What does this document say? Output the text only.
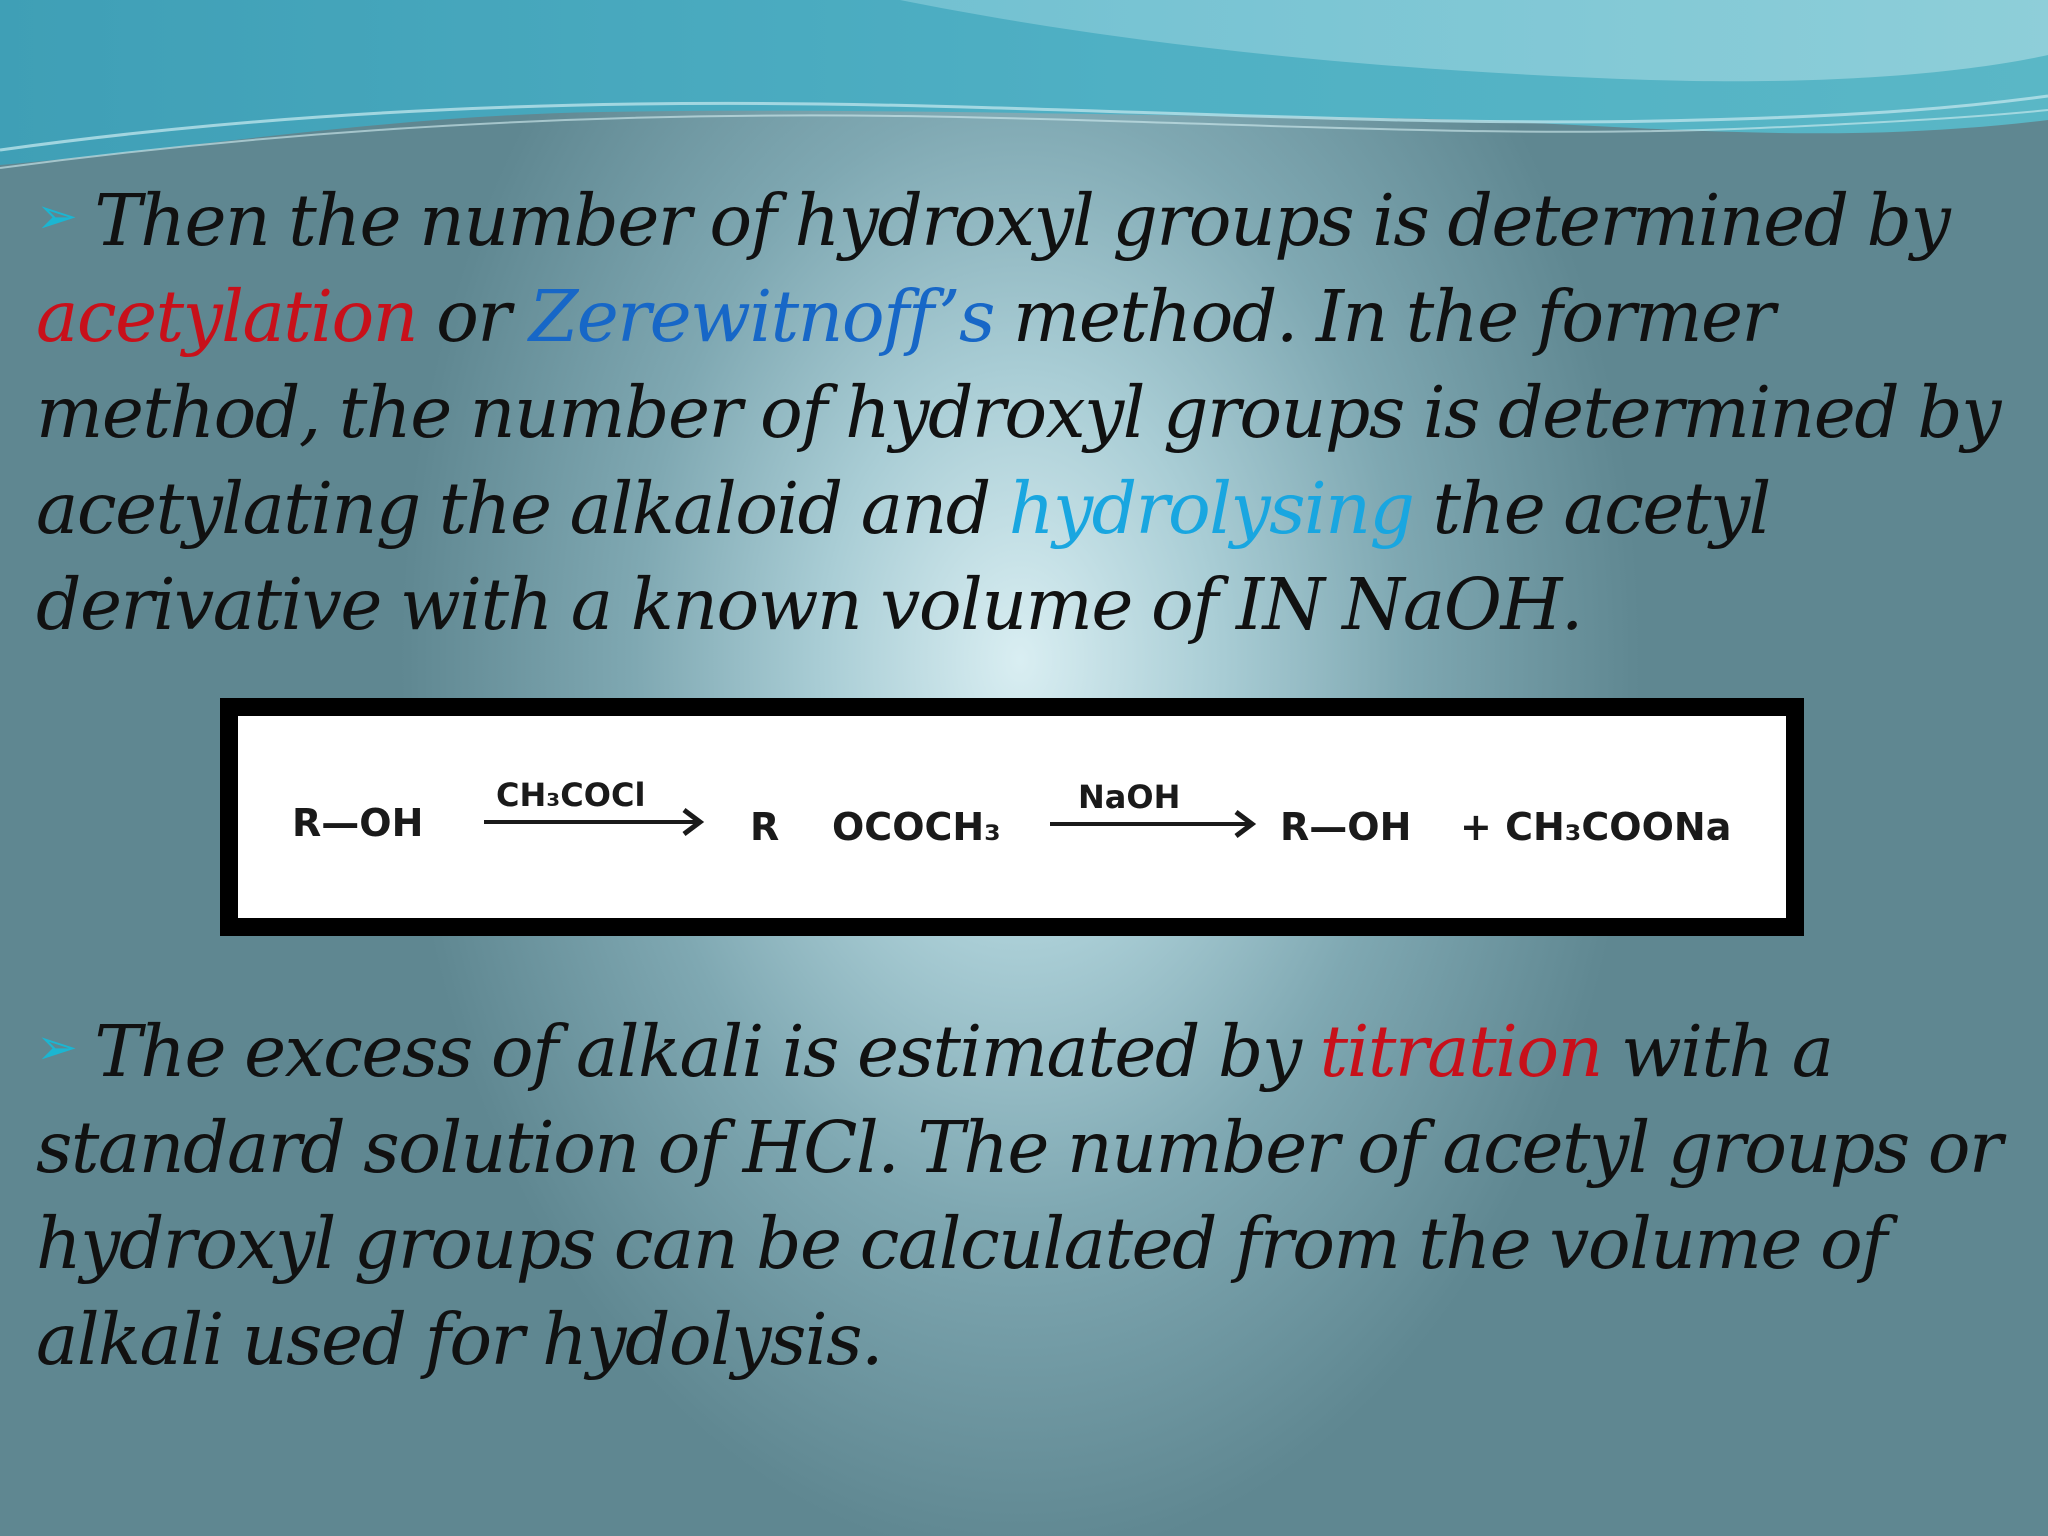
➢ Then the number of hydroxyl groups is determined by acetylation or Zerewitnoff’s method. In the former method, the number of hydroxyl groups is determined by acetylating the alkaloid and hydrolysing the acetyl derivative with a known volume of IN NaOH.

R—OH
CH₃COCl
R OCOCH₃
NaOH
R—OH + CH₃COONa

➢ The excess of alkali is estimated by titration with a standard solution of HCl. The number of acetyl groups or hydroxyl groups can be calculated from the volume of alkali used for hydolysis.
